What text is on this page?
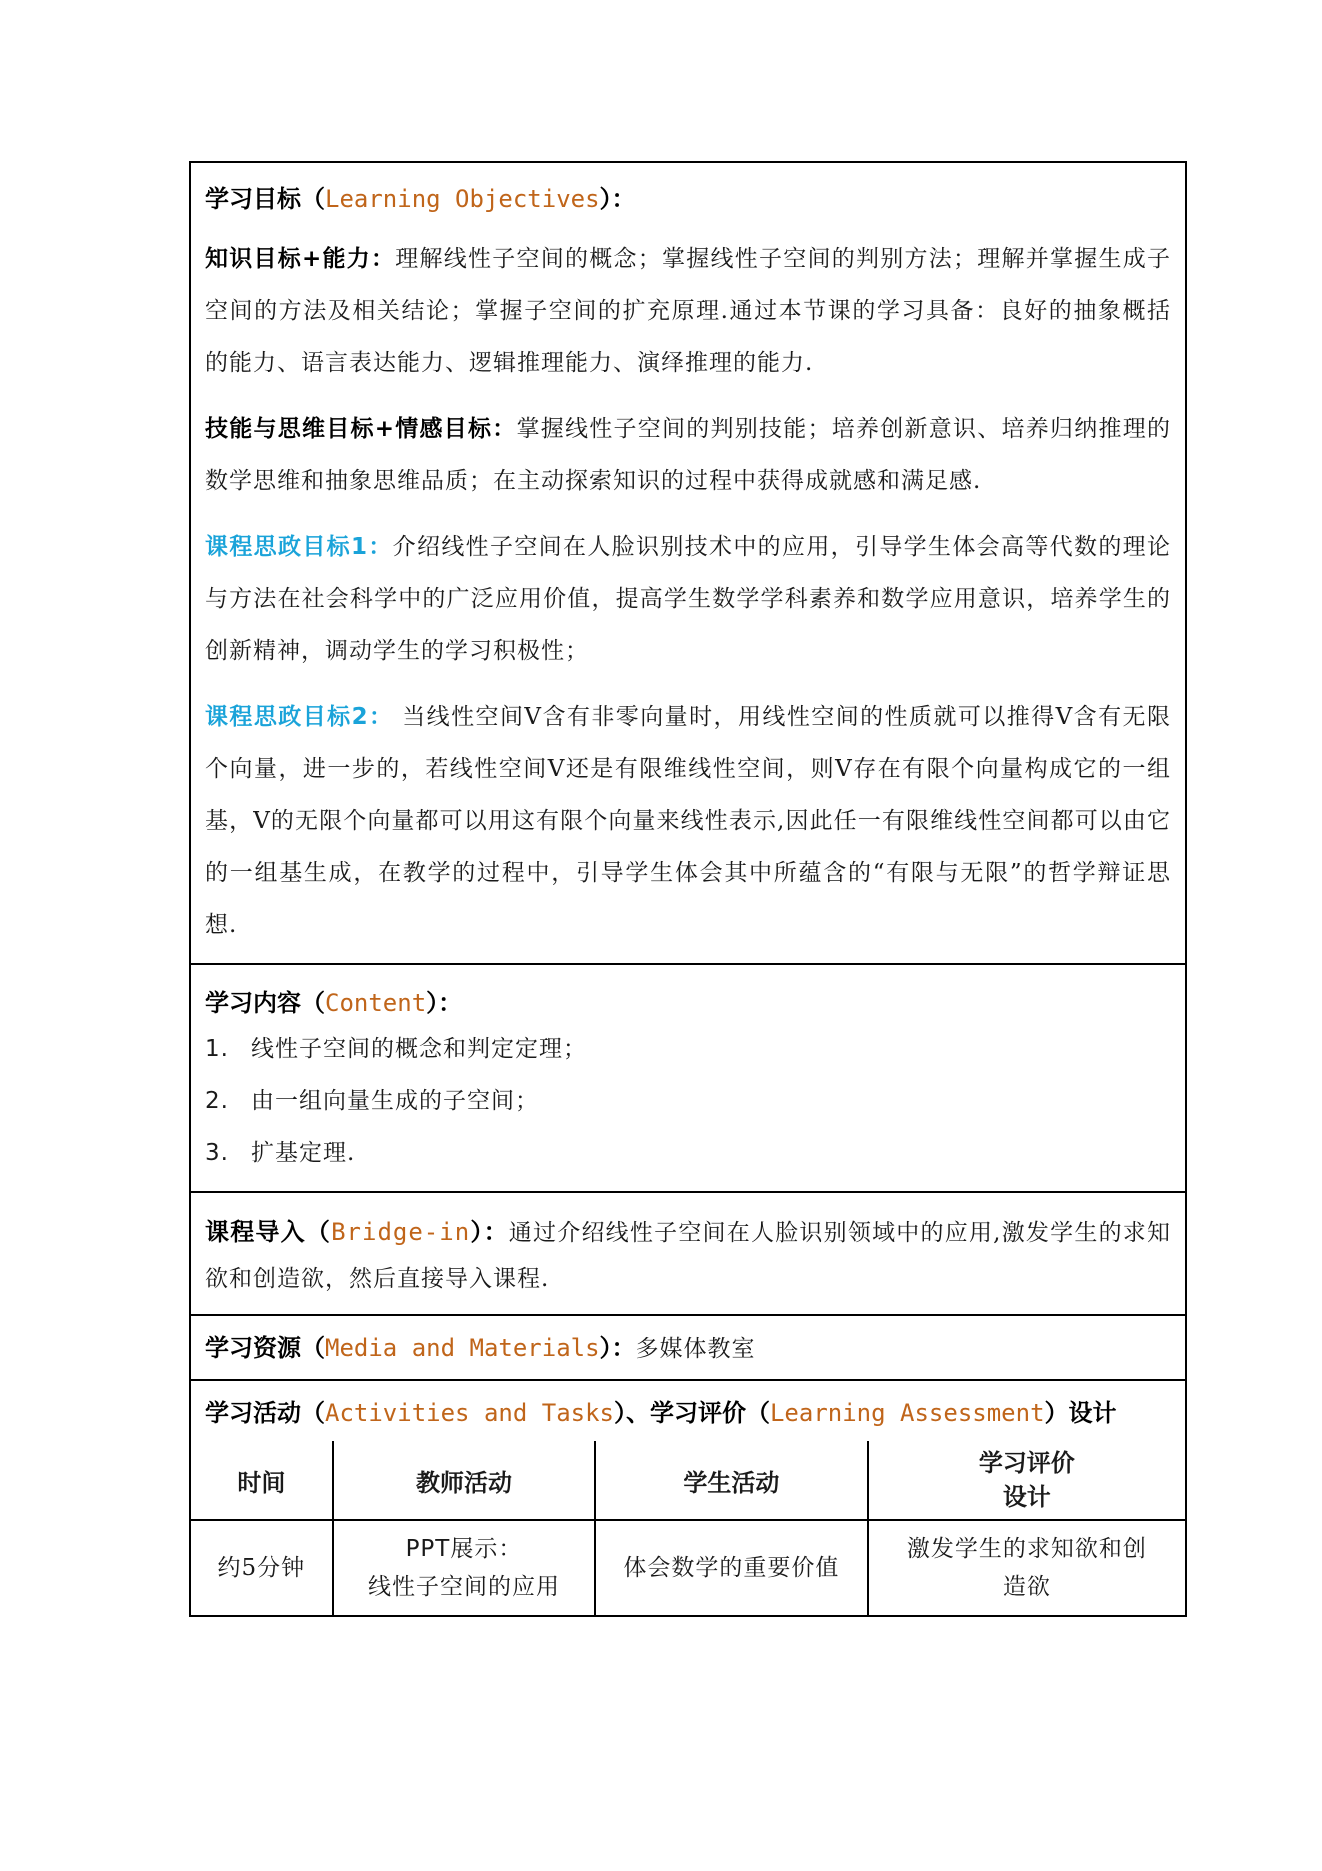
学习目标（Learning Objectives）：

知识目标+能力：理解线性子空间的概念；掌握线性子空间的判别方法；理解并掌握生成子空间的方法及相关结论；掌握子空间的扩充原理.通过本节课的学习具备：良好的抽象概括的能力、语言表达能力、逻辑推理能力、演绎推理的能力.

技能与思维目标+情感目标：掌握线性子空间的判别技能；培养创新意识、培养归纳推理的数学思维和抽象思维品质；在主动探索知识的过程中获得成就感和满足感.

课程思政目标1：介绍线性子空间在人脸识别技术中的应用，引导学生体会高等代数的理论与方法在社会科学中的广泛应用价值，提高学生数学学科素养和数学应用意识，培养学生的创新精神，调动学生的学习积极性；

课程思政目标2： 当线性空间V含有非零向量时，用线性空间的性质就可以推得V含有无限个向量，进一步的，若线性空间V还是有限维线性空间，则V存在有限个向量构成它的一组基，V的无限个向量都可以用这有限个向量来线性表示,因此任一有限维线性空间都可以由它的一组基生成，在教学的过程中，引导学生体会其中所蕴含的“有限与无限”的哲学辩证思想.

学习内容（Content）：
1. 线性子空间的概念和判定定理；
2. 由一组向量生成的子空间；
3. 扩基定理.

课程导入（Bridge-in）：通过介绍线性子空间在人脸识别领域中的应用,激发学生的求知欲和创造欲，然后直接导入课程.

学习资源（Media and Materials）：多媒体教室
学习活动（Activities and Tasks）、学习评价（Learning Assessment）设计
时间	教师活动	学生活动	学习评价
设计
约5分钟	PPT展示：
线性子空间的应用	体会数学的重要价值	激发学生的求知欲和创
造欲
